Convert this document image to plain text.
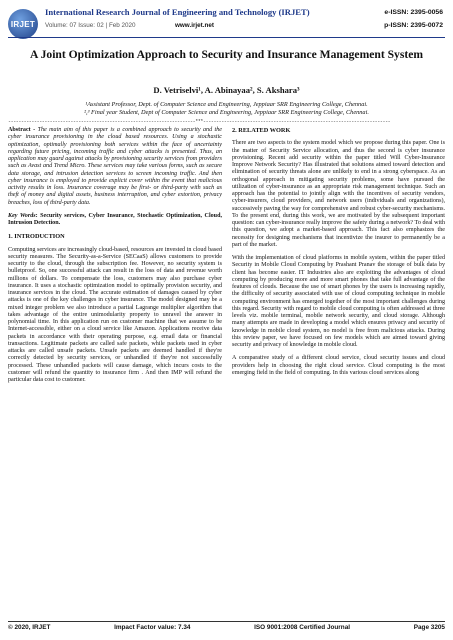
IRJET
International Research Journal of Engineering and Technology (IRJET)
Volume: 07 Issue: 02 | Feb 2020	www.irjet.net
e-ISSN: 2395-0056
p-ISSN: 2395-0072
A Joint Optimization Approach to Security and Insurance Management System
D. Vetriselvi¹, A. Abinayaa², S. Akshara³
¹Assistant Professor, Dept. of Computer Science and Engineering, Jeppiaar SRR Engineering College, Chennai.
²,³ Final year Student, Dept of Computer Science and Engineering, Jeppiaar SRR Engineering College, Chennai.
------------------------------------------------------------------------***------------------------------------------------------------------------

Abstract - The main aim of this paper is a combined approach to security and the cyber insurance provisioning in the cloud based resources. Using a stochastic optimization, optimally provisioning both services within the face of uncertainty regarding future pricing, incoming traffic and cyber attacks is presented. Thus, an application may guard against attacks by provisioning security services from providers such as Avast and Trend Micro. These services may take various forms, such as secure data storage, and intrusion detection services to screen incoming traffic. And then cyber insurance is employed to provide explicit cover within the event that malicious activity results in loss. Insurance coverage may be first- or third-party with such as theft of money and digital assets, business interruption, and cyber extortion, privacy breaches, loss of third-party data.

Key Words: Security services, Cyber Insurance, Stochastic Optimization, Cloud, Intrusion Detection.

1. INTRODUCTION

Computing services are increasingly cloud-based, resources are invested in cloud based security measures. The Security-as-a-Service (SECaaS) allows customers to provide security to the cloud, through the subscription fee. However, no security system is bulletproof. So, one successful attack can result in the loss of data and revenue worth millions of dollars. To compensate the loss, customers may also purchase cyber insurance. It uses a stochastic optimization model to optimally provision security, and insurance services in the cloud. The accurate estimation of damages caused by cyber attacks is one of the key challenges in cyber insurance. The model designed may be a mixed integer problem we also introduce a partial Lagrange multiplier algorithm that takes advantage of the entire unimodularity property to unravel the answer in polynomial time. In this application run on customer machine that we assume to be Internet-accessible, either on a cloud service like Amazon. Applications receive data packets in accordance with their operating purpose, e.g. email data or financial transactions. Legitimate packets are called safe packets, while packets used in cyber attacks are called unsafe packets. Unsafe packets are deemed handled if they're correctly detected by security services, or unhandled if they're not successfully processed. These unhandled packets will cause damage, which incurs costs to the customer will refund the quantity to insurance firm . And then IMP will refund the particular data cost to customer.

2. RELATED WORK

There are two aspects to the system model which we propose during this paper. One is the matter of Security Service allocation, and thus the second is cyber insurance provisioning. Recent add security within the paper titled Will Cyber-Insurance Improve Network Security? Has illustrated that solutions aimed toward detection and elimination of security threats alone are unlikely to end in a strong cyberspace. As an orthogonal approach in mitigating security problems, some have pursued the utilization of cyber-insurance as an appropriate risk management technique. Such an approach has the potential to jointly align with the incentives of security vendors, cyber-insurers, cloud providers, and network users (individuals and organizations), successively paving the way for comprehensive and robust cyber-security mechanisms. To the present end, during this work, we are motivated by the subsequent important question: can cyber-insurance really improve the safety during a network? To deal with this question, we adopt a market-based approach. This fact also emphasizes the necessity for designing mechanisms that incentivize the insurer to permanently be a part of the market.

With the implementation of cloud platforms in mobile system, within the paper titled Security in Mobile Cloud Computing by Prashant Pranav the storage of bulk data by client has become easier. IT Industries also are exploiting the advantages of cloud computing by producing more and more smart phones that take full advantage of the features of clouds. Because the use of smart phones by the users is increasing rapidly, the difficulty of security associated with use of cloud computing technique in mobile computing environment has emerged together of the most important challenges during this regard. Security with regard to mobile cloud computing is often addressed at three levels viz. mobile terminal, mobile network security, and cloud storage. Although many attempts are made in developing a model which ensures privacy and security of knowledge in mobile cloud system, no model is free from malicious attacks. During this review paper, we have focused on few models which are aimed toward giving security and privacy of knowledge in mobile cloud.

A comparative study of a different cloud service, cloud security issues and cloud providers help in choosing the right cloud service. Cloud computing is the most emerging field in the field of computing. In this various cloud services along

© 2020, IRJET	Impact Factor value: 7.34	ISO 9001:2008 Certified Journal	Page 3205
